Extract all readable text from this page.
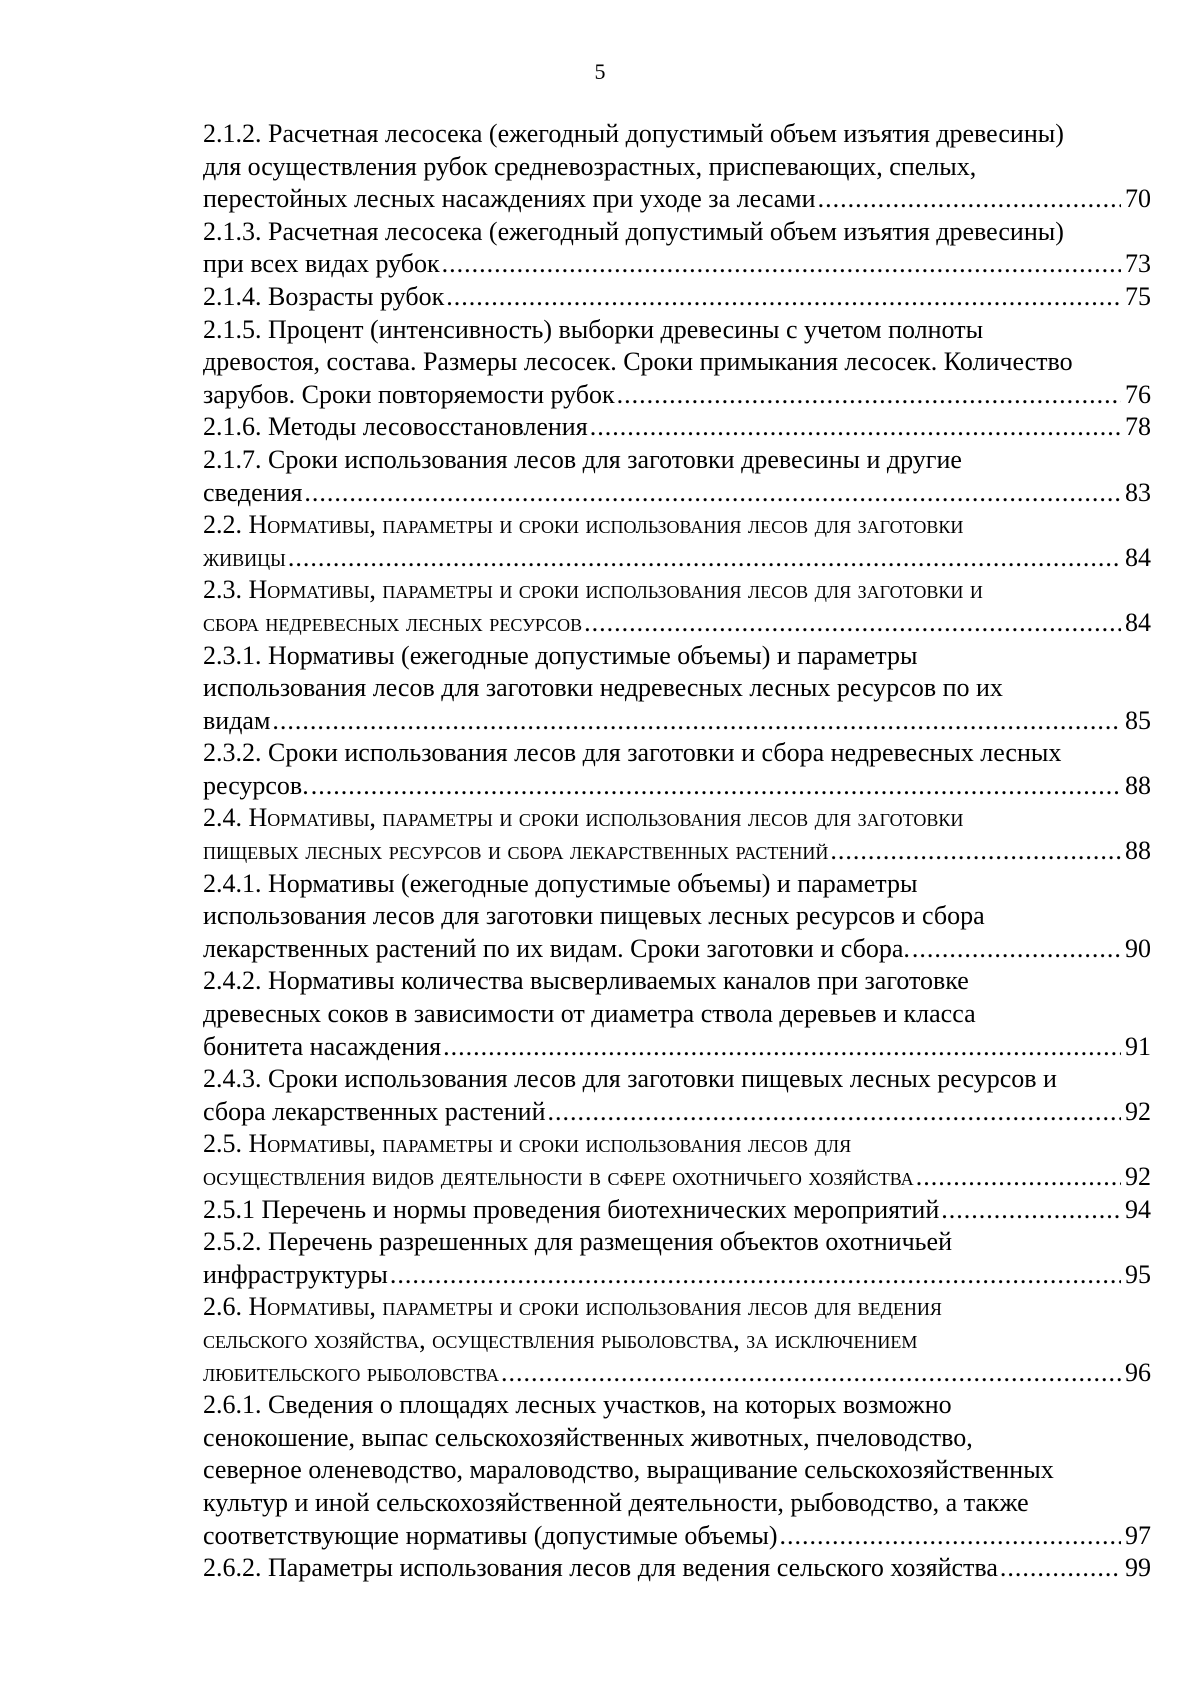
5
2.1.2. Расчетная лесосека (ежегодный допустимый объем изъятия древесины)
для осуществления рубок средневозрастных, приспевающих, спелых,
перестойных лесных насаждениях при уходе за лесами .....	70
2.1.3. Расчетная лесосека (ежегодный допустимый объем изъятия древесины)
при всех видах рубок .....	73
2.1.4. Возрасты рубок .....	75
2.1.5. Процент (интенсивность) выборки древесины с учетом полноты
древостоя, состава. Размеры лесосек. Сроки примыкания лесосек. Количество
зарубов. Сроки повторяемости рубок .....	76
2.1.6. Методы лесовосстановления .....	78
2.1.7. Сроки использования лесов для заготовки древесины и другие
сведения .....	83
2.2. Нормативы, параметры и сроки использования лесов для заготовки
живицы .....	84
2.3. Нормативы, параметры и сроки использования лесов для заготовки и
сбора недревесных лесных ресурсов .....	84
2.3.1. Нормативы (ежегодные допустимые объемы) и параметры
использования лесов для заготовки недревесных лесных ресурсов по их
видам .....	85
2.3.2. Сроки использования лесов для заготовки и сбора недревесных лесных
ресурсов. .....	88
2.4. Нормативы, параметры и сроки использования лесов для заготовки
пищевых лесных ресурсов и сбора лекарственных растений .....	88
2.4.1. Нормативы (ежегодные допустимые объемы) и параметры
использования лесов для заготовки пищевых лесных ресурсов и сбора
лекарственных растений по их видам. Сроки заготовки и сбора. .....	90
2.4.2. Нормативы количества высверливаемых каналов при заготовке
древесных соков в зависимости от диаметра ствола деревьев и класса
бонитета насаждения .....	91
2.4.3. Сроки использования лесов для заготовки пищевых лесных ресурсов и
сбора лекарственных растений .....	92
2.5. Нормативы, параметры и сроки использования лесов для
осуществления видов деятельности в сфере охотничьего хозяйства .....	92
2.5.1 Перечень и нормы проведения биотехнических мероприятий .....	94
2.5.2. Перечень разрешенных для размещения объектов охотничьей
инфраструктуры .....	95
2.6. Нормативы, параметры и сроки использования лесов для ведения
сельского хозяйства, осуществления рыболовства, за исключением
любительского рыболовства .....	96
2.6.1. Сведения о площадях лесных участков, на которых возможно
сенокошение, выпас сельскохозяйственных животных, пчеловодство,
северное оленеводство, мараловодство, выращивание сельскохозяйственных
культур и иной сельскохозяйственной деятельности, рыбоводство, а также
соответствующие нормативы (допустимые объемы) .....	97
2.6.2. Параметры использования лесов для ведения сельского хозяйства .....	99
